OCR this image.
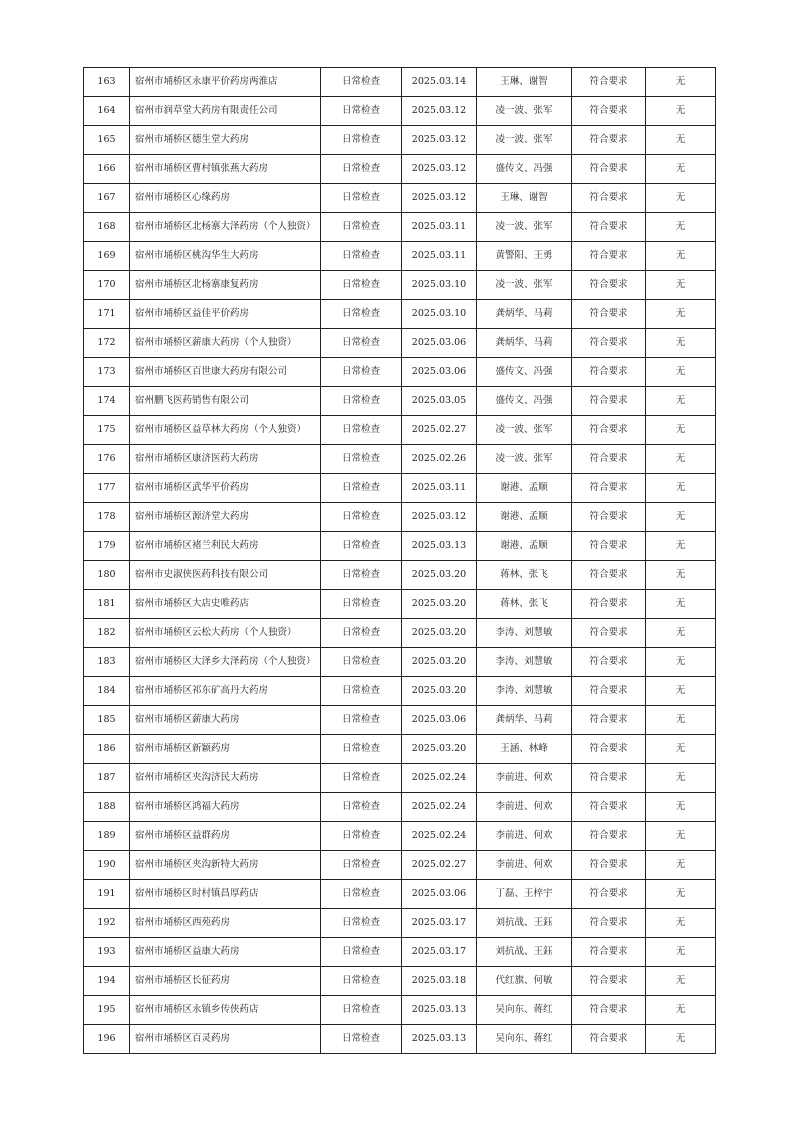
163	宿州市埇桥区永康平价药房两淮店	日常检查	2025.03.14	王琳、谢智	符合要求	无
164	宿州市润草堂大药房有限责任公司	日常检查	2025.03.12	凌一波、张军	符合要求	无
165	宿州市埇桥区德生堂大药房	日常检查	2025.03.12	凌一波、张军	符合要求	无
166	宿州市埇桥区曹村镇张燕大药房	日常检查	2025.03.12	盛传文、冯强	符合要求	无
167	宿州市埇桥区心缘药房	日常检查	2025.03.12	王琳、谢智	符合要求	无
168	宿州市埇桥区北杨寨大泽药房（个人独资）	日常检查	2025.03.11	凌一波、张军	符合要求	无
169	宿州市埇桥区桃沟华生大药房	日常检查	2025.03.11	黄警阳、王勇	符合要求	无
170	宿州市埇桥区北杨寨康复药房	日常检查	2025.03.10	凌一波、张军	符合要求	无
171	宿州市埇桥区益佳平价药房	日常检查	2025.03.10	龚炳华、马莉	符合要求	无
172	宿州市埇桥区薪康大药房（个人独资）	日常检查	2025.03.06	龚炳华、马莉	符合要求	无
173	宿州市埇桥区百世康大药房有限公司	日常检查	2025.03.06	盛传文、冯强	符合要求	无
174	宿州鹏飞医药销售有限公司	日常检查	2025.03.05	盛传文、冯强	符合要求	无
175	宿州市埇桥区益草林大药房（个人独资）	日常检查	2025.02.27	凌一波、张军	符合要求	无
176	宿州市埇桥区康济医药大药房	日常检查	2025.02.26	凌一波、张军	符合要求	无
177	宿州市埇桥区武华平价药房	日常检查	2025.03.11	谢港、孟顺	符合要求	无
178	宿州市埇桥区源济堂大药房	日常检查	2025.03.12	谢港、孟顺	符合要求	无
179	宿州市埇桥区褚兰利民大药房	日常检查	2025.03.13	谢港、孟顺	符合要求	无
180	宿州市史淑侠医药科技有限公司	日常检查	2025.03.20	蒋林、张飞	符合要求	无
181	宿州市埇桥区大店史唯药店	日常检查	2025.03.20	蒋林、张飞	符合要求	无
182	宿州市埇桥区云松大药房（个人独资）	日常检查	2025.03.20	李涛、刘慧敏	符合要求	无
183	宿州市埇桥区大泽乡大泽药房（个人独资）	日常检查	2025.03.20	李涛、刘慧敏	符合要求	无
184	宿州市埇桥区祁东矿高丹大药房	日常检查	2025.03.20	李涛、刘慧敏	符合要求	无
185	宿州市埇桥区薪康大药房	日常检查	2025.03.06	龚炳华、马莉	符合要求	无
186	宿州市埇桥区新颖药房	日常检查	2025.03.20	王涵、林峰	符合要求	无
187	宿州市埇桥区夹沟济民大药房	日常检查	2025.02.24	李前进、何欢	符合要求	无
188	宿州市埇桥区鸿福大药房	日常检查	2025.02.24	李前进、何欢	符合要求	无
189	宿州市埇桥区益群药房	日常检查	2025.02.24	李前进、何欢	符合要求	无
190	宿州市埇桥区夹沟新特大药房	日常检查	2025.02.27	李前进、何欢	符合要求	无
191	宿州市埇桥区时村镇昌厚药店	日常检查	2025.03.06	丁磊、王梓宇	符合要求	无
192	宿州市埇桥区西苑药房	日常检查	2025.03.17	刘抗战、王鈺	符合要求	无
193	宿州市埇桥区益康大药房	日常检查	2025.03.17	刘抗战、王鈺	符合要求	无
194	宿州市埇桥区长征药房	日常检查	2025.03.18	代红旗、何敏	符合要求	无
195	宿州市埇桥区永镇乡传侠药店	日常检查	2025.03.13	吴向东、蒋红	符合要求	无
196	宿州市埇桥区百灵药房	日常检查	2025.03.13	吴向东、蒋红	符合要求	无
